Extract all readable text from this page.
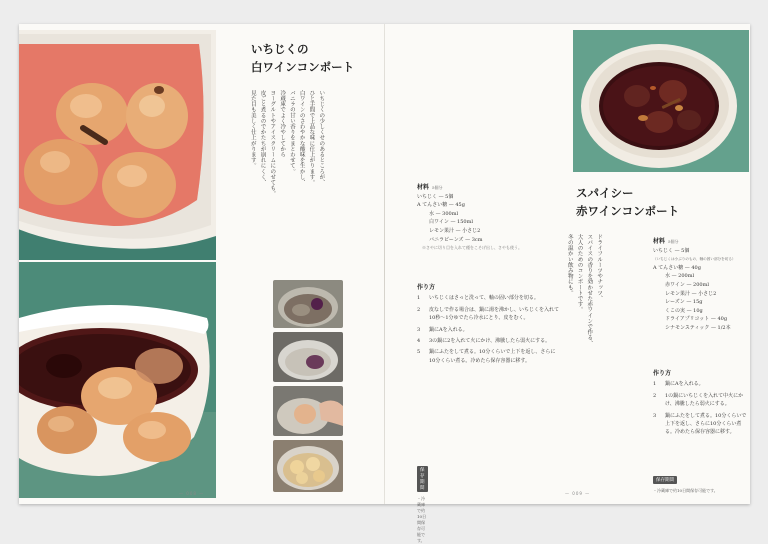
いちじくの
白ワインコンポート
いちじくの少しくせのあるところが、
ひと手間で上品な味に仕上がります。
白ワインのさわやかな酸味を生かし、
バニラの甘い香りをまとわせて。
冷蔵庫でよく冷やしてから
ヨーグルトやアイスクリームにのせても。
皮ごと煮るのでかたちが崩れにくく、
見た目も美しく仕上がります。
材料 5個分
いちじく — 5個
A てんさい糖 — 45g
水 — 300ml
白ワイン — 150ml
レモン果汁 — 小さじ2
バニラビーンズ — 3cm
※さやに切り目を入れて種をこそげ出し、さやも使う。
作り方
1	いちじくはさっと洗って、軸の固い部分を切る。
2	皮なしで作る場合は、鍋に湯を沸かし、いちじくを入れて10秒〜1分ゆでたら冷水にとり、皮をむく。
3	鍋にAを入れる。
4	3の鍋に2を入れて火にかけ、沸騰したら弱火にする。
5	鍋にふたをして煮る。10分くらいで上下を返し、さらに10分くらい煮る。冷めたら保存容器に移す。
保存期間
・冷蔵庫で約10日間保存可能です。
— 008 —
スパイシー
赤ワインコンポート
ドライフルーツやナッツ、
スパイスの香りを効かせた赤ワインで作る、
大人のためのコンポートです。
冬の温かい飲み物にも。	材料 5個分
いちじく — 5個
（いちじくは小ぶりのもの、軸の固い部分を切る）
A てんさい糖 — 40g
水 — 200ml
赤ワイン — 200ml
レモン果汁 — 小さじ2
レーズン — 15g
くこの実 — 10g
ドライアプリコット — 40g
シナモンスティック — 1/2本
作り方
1	鍋にAを入れる。
2	1の鍋にいちじくを入れて中火にかけ、沸騰したら弱火にする。
3	鍋にふたをして煮る。10分くらいで上下を返し、さらに10分くらい煮る。冷めたら保存容器に移す。
保存期間
・冷蔵庫で約10日間保存可能です。
— 009 —
